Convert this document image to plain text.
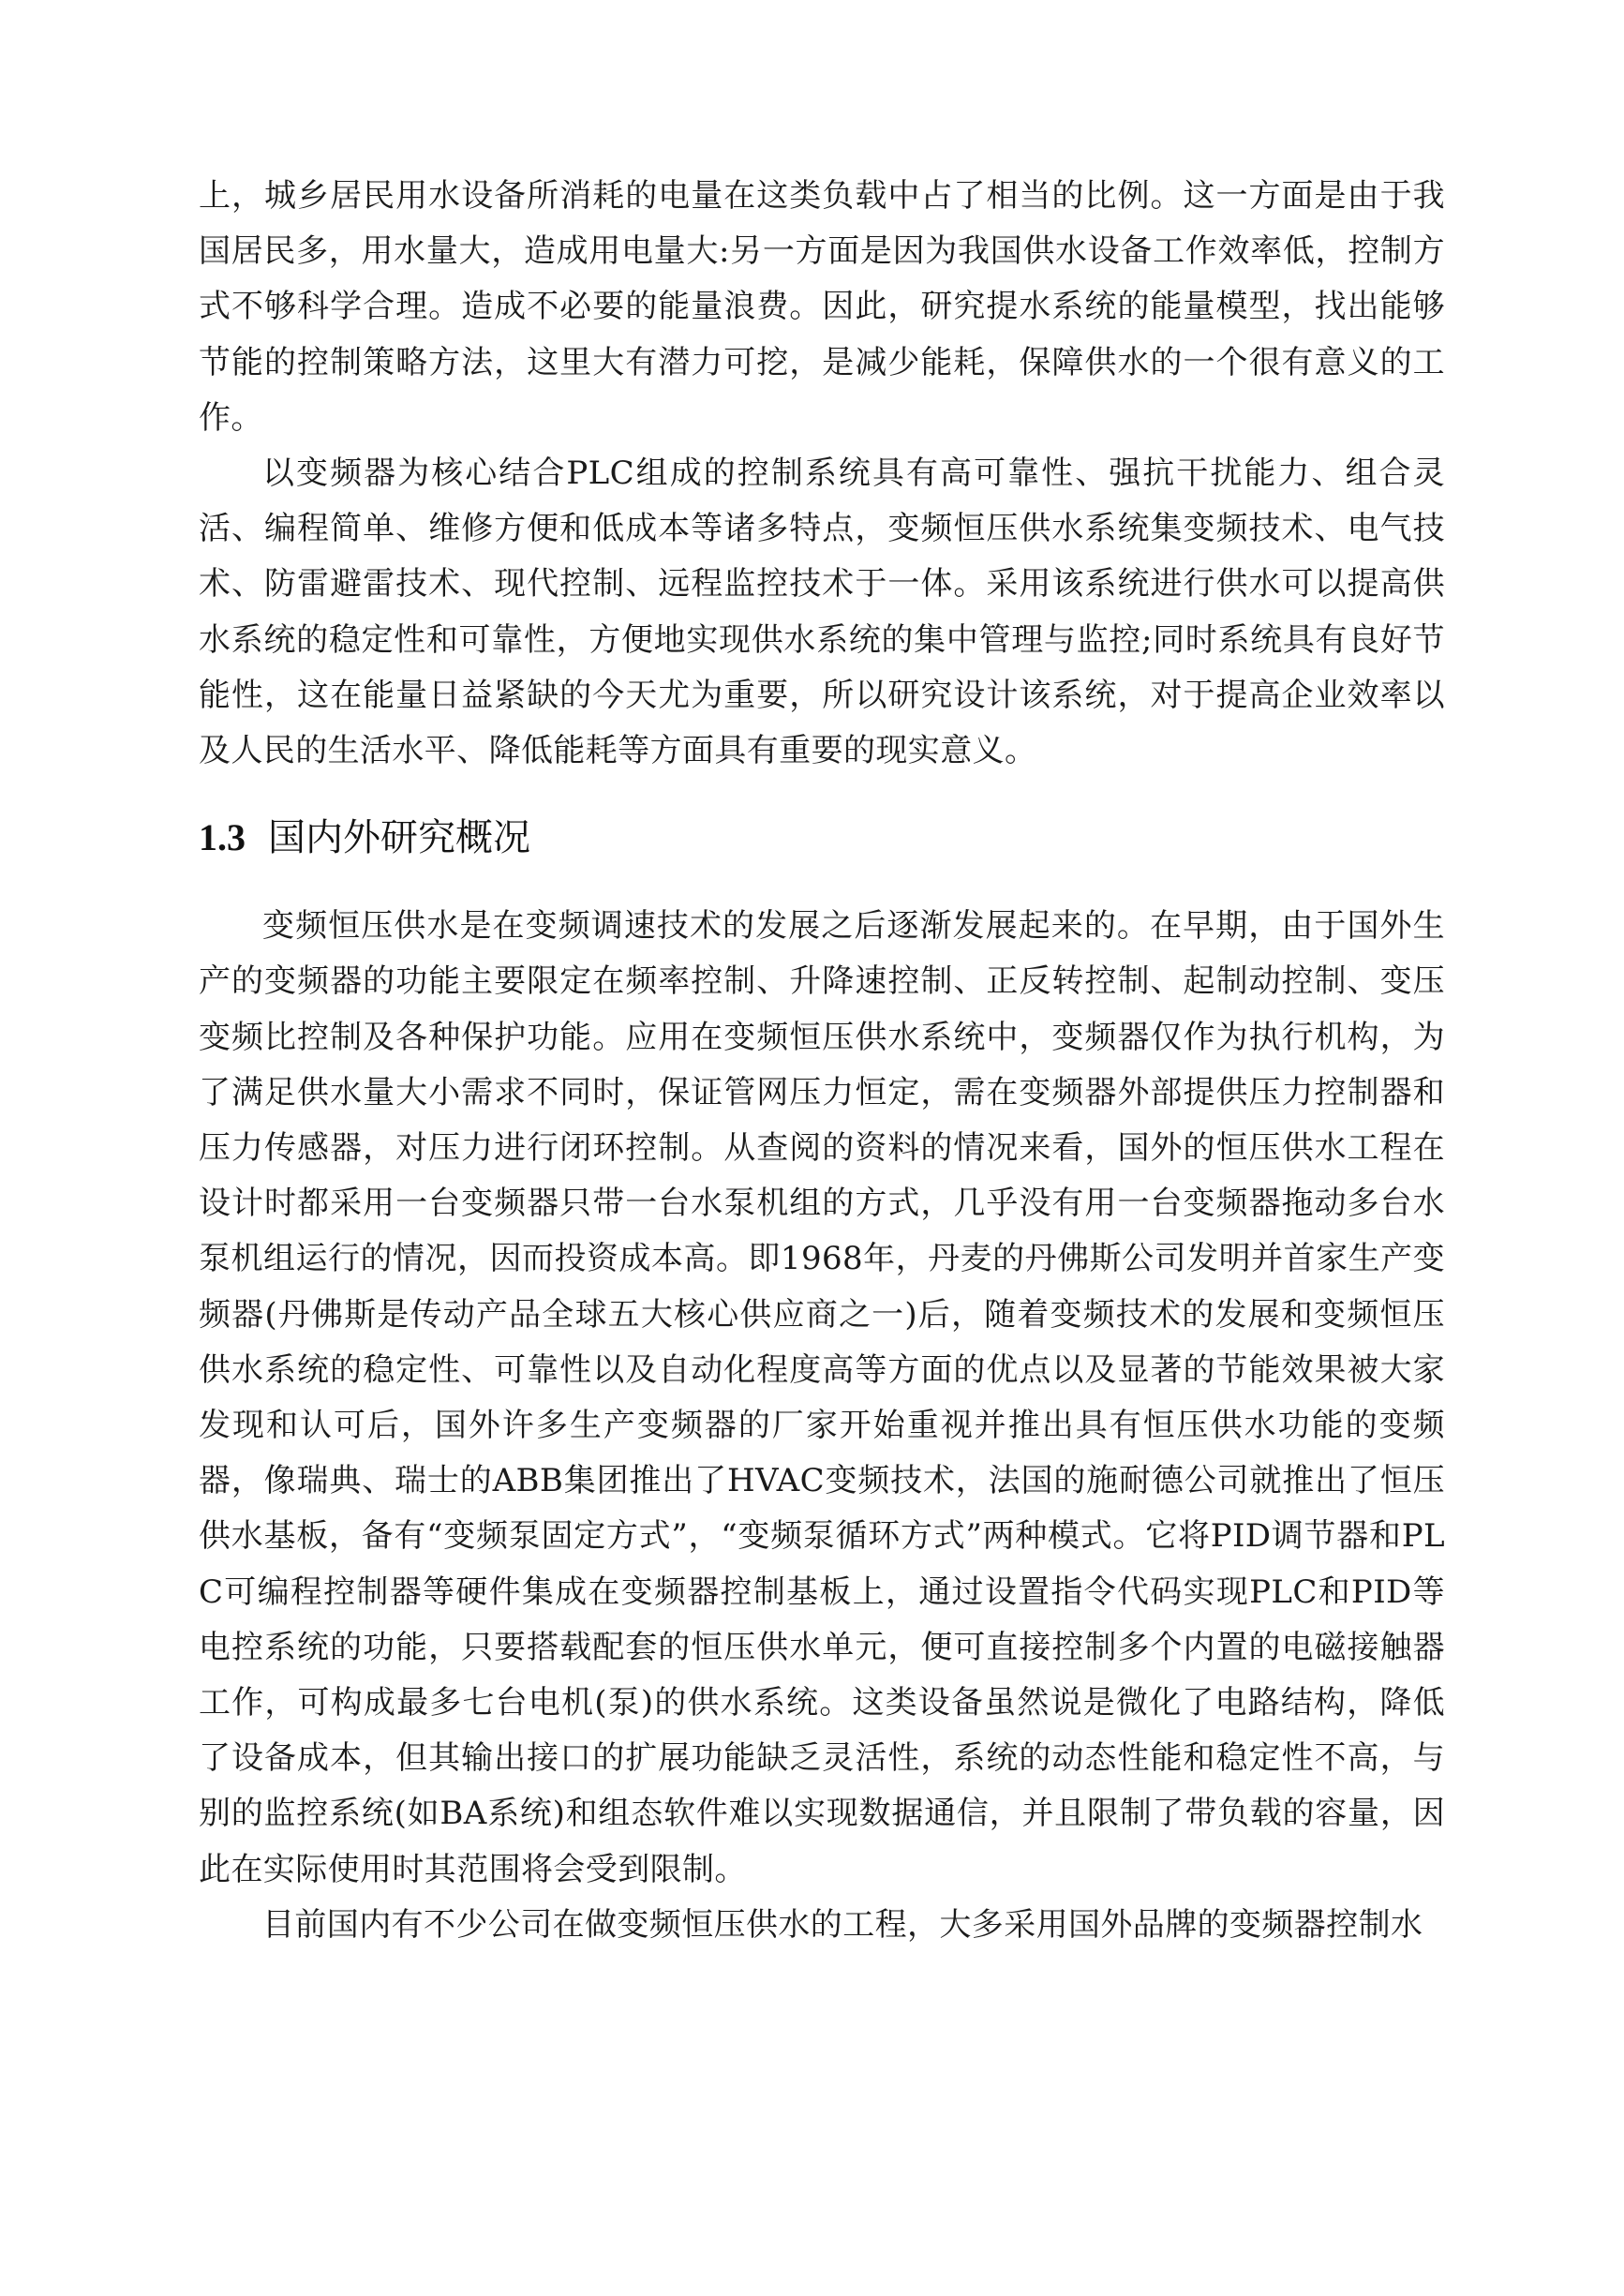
上，城乡居民用水设备所消耗的电量在这类负载中占了相当的比例。这一方面是由于我国居民多，用水量大，造成用电量大:另一方面是因为我国供水设备工作效率低，控制方式不够科学合理。造成不必要的能量浪费。因此，研究提水系统的能量模型，找出能够节能的控制策略方法，这里大有潜力可挖，是减少能耗，保障供水的一个很有意义的工作。

以变频器为核心结合PLC组成的控制系统具有高可靠性、强抗干扰能力、组合灵活、编程简单、维修方便和低成本等诸多特点，变频恒压供水系统集变频技术、电气技术、防雷避雷技术、现代控制、远程监控技术于一体。采用该系统进行供水可以提高供水系统的稳定性和可靠性，方便地实现供水系统的集中管理与监控;同时系统具有良好节能性，这在能量日益紧缺的今天尤为重要，所以研究设计该系统，对于提高企业效率以及人民的生活水平、降低能耗等方面具有重要的现实意义。

1.3 国内外研究概况

变频恒压供水是在变频调速技术的发展之后逐渐发展起来的。在早期，由于国外生产的变频器的功能主要限定在频率控制、升降速控制、正反转控制、起制动控制、变压变频比控制及各种保护功能。应用在变频恒压供水系统中，变频器仅作为执行机构，为了满足供水量大小需求不同时，保证管网压力恒定，需在变频器外部提供压力控制器和压力传感器，对压力进行闭环控制。从查阅的资料的情况来看，国外的恒压供水工程在设计时都采用一台变频器只带一台水泵机组的方式，几乎没有用一台变频器拖动多台水泵机组运行的情况，因而投资成本高。即1968年，丹麦的丹佛斯公司发明并首家生产变频器(丹佛斯是传动产品全球五大核心供应商之一)后，随着变频技术的发展和变频恒压供水系统的稳定性、可靠性以及自动化程度高等方面的优点以及显著的节能效果被大家发现和认可后，国外许多生产变频器的厂家开始重视并推出具有恒压供水功能的变频器，像瑞典、瑞士的ABB集团推出了HVAC变频技术，法国的施耐德公司就推出了恒压供水基板，备有“变频泵固定方式”，“变频泵循环方式”两种模式。它将PID调节器和PLC可编程控制器等硬件集成在变频器控制基板上，通过设置指令代码实现PLC和PID等电控系统的功能，只要搭载配套的恒压供水单元，便可直接控制多个内置的电磁接触器工作，可构成最多七台电机(泵)的供水系统。这类设备虽然说是微化了电路结构，降低了设备成本，但其输出接口的扩展功能缺乏灵活性，系统的动态性能和稳定性不高，与别的监控系统(如BA系统)和组态软件难以实现数据通信，并且限制了带负载的容量，因此在实际使用时其范围将会受到限制。

目前国内有不少公司在做变频恒压供水的工程，大多采用国外品牌的变频器控制水
